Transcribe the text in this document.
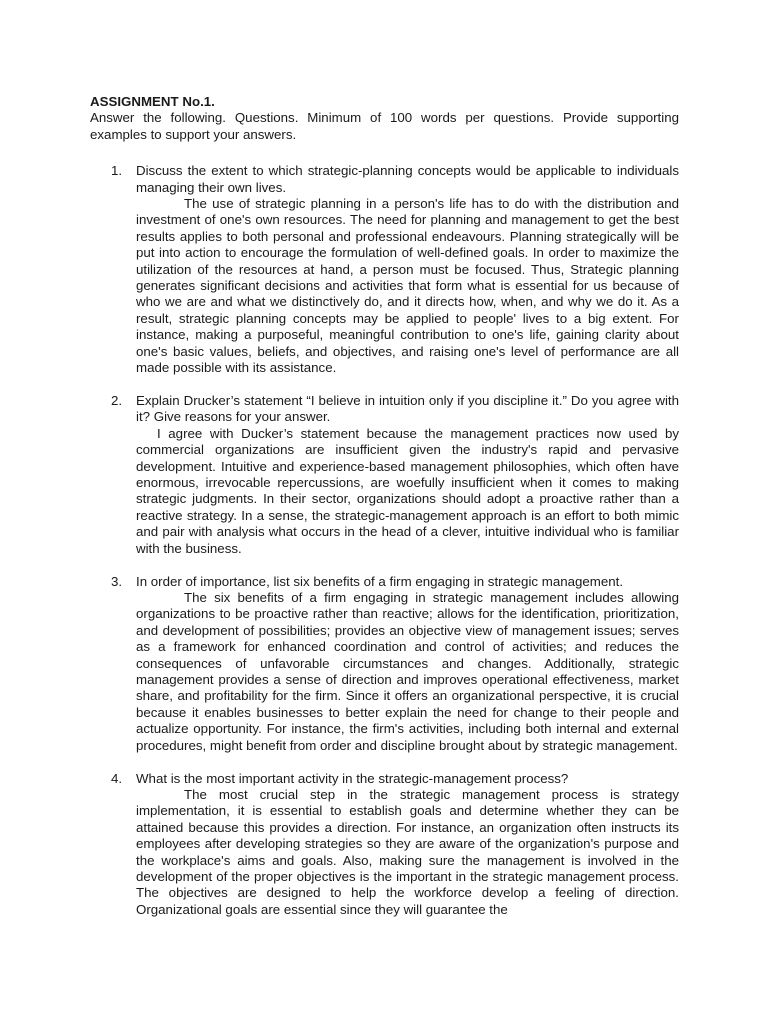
ASSIGNMENT No.1.

Answer the following. Questions. Minimum of 100 words per questions. Provide supporting examples to support your answers.

1. Discuss the extent to which strategic-planning concepts would be applicable to individuals managing their own lives.

The use of strategic planning in a person's life has to do with the distribution and investment of one's own resources. The need for planning and management to get the best results applies to both personal and professional endeavours. Planning strategically will be put into action to encourage the formulation of well-defined goals. In order to maximize the utilization of the resources at hand, a person must be focused. Thus, Strategic planning generates significant decisions and activities that form what is essential for us because of who we are and what we distinctively do, and it directs how, when, and why we do it. As a result, strategic planning concepts may be applied to people' lives to a big extent. For instance, making a purposeful, meaningful contribution to one's life, gaining clarity about one's basic values, beliefs, and objectives, and raising one's level of performance are all made possible with its assistance.

2. Explain Drucker’s statement “I believe in intuition only if you discipline it.” Do you agree with it? Give reasons for your answer.

I agree with Ducker’s statement because the management practices now used by commercial organizations are insufficient given the industry's rapid and pervasive development. Intuitive and experience-based management philosophies, which often have enormous, irrevocable repercussions, are woefully insufficient when it comes to making strategic judgments. In their sector, organizations should adopt a proactive rather than a reactive strategy. In a sense, the strategic-management approach is an effort to both mimic and pair with analysis what occurs in the head of a clever, intuitive individual who is familiar with the business.

3. In order of importance, list six benefits of a firm engaging in strategic management.

The six benefits of a firm engaging in strategic management includes allowing organizations to be proactive rather than reactive; allows for the identification, prioritization, and development of possibilities; provides an objective view of management issues; serves as a framework for enhanced coordination and control of activities; and reduces the consequences of unfavorable circumstances and changes. Additionally, strategic management provides a sense of direction and improves operational effectiveness, market share, and profitability for the firm. Since it offers an organizational perspective, it is crucial because it enables businesses to better explain the need for change to their people and actualize opportunity. For instance, the firm's activities, including both internal and external procedures, might benefit from order and discipline brought about by strategic management.

4. What is the most important activity in the strategic-management process?

The most crucial step in the strategic management process is strategy implementation, it is essential to establish goals and determine whether they can be attained because this provides a direction. For instance, an organization often instructs its employees after developing strategies so they are aware of the organization's purpose and the workplace's aims and goals. Also, making sure the management is involved in the development of the proper objectives is the important in the strategic management process. The objectives are designed to help the workforce develop a feeling of direction. Organizational goals are essential since they will guarantee the
